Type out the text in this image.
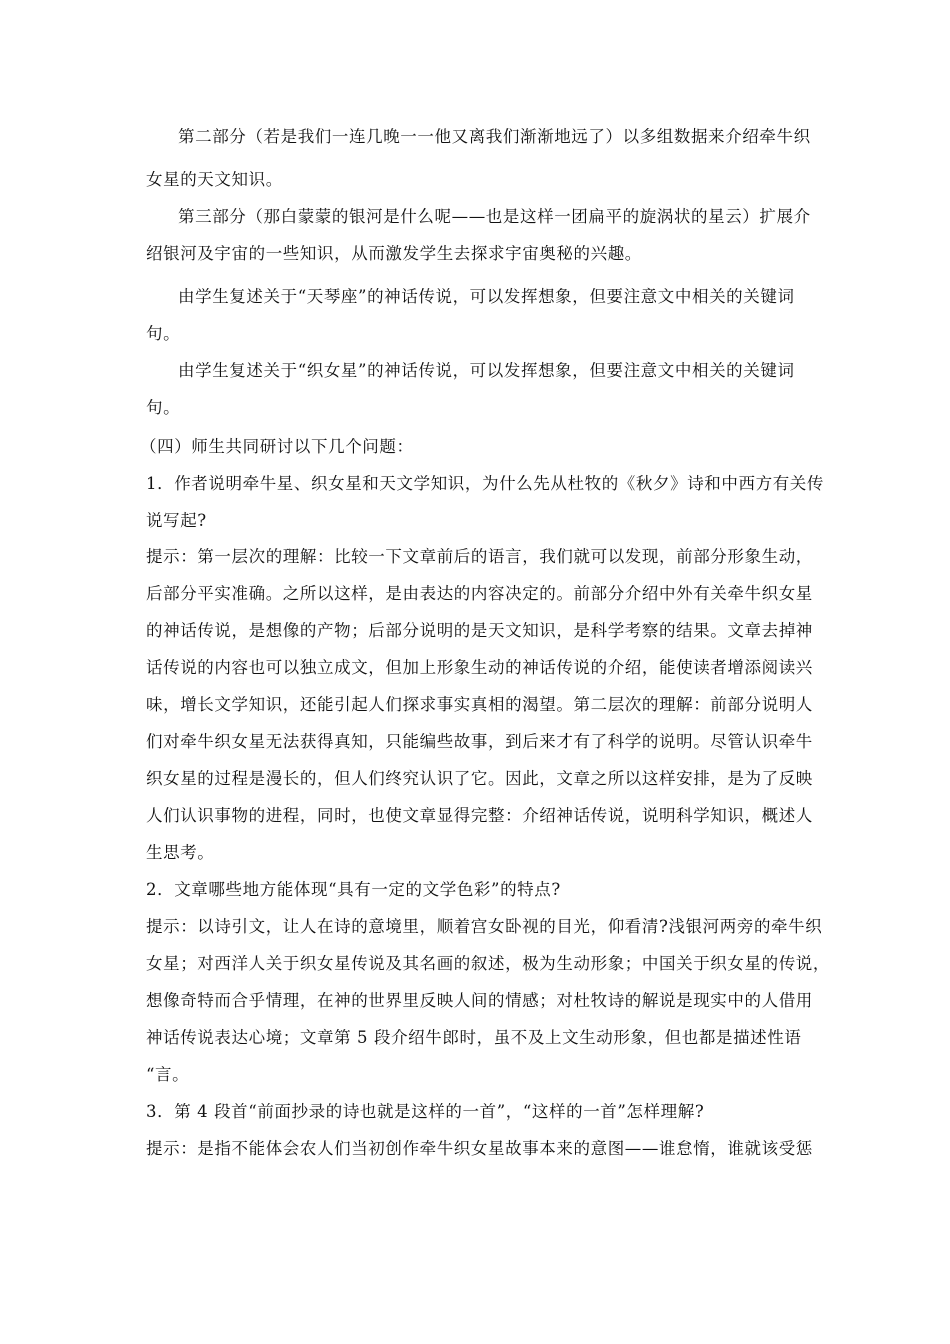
第二部分（若是我们一连几晚一一他又离我们渐渐地远了）以多组数据来介绍牵牛织
女星的天文知识。
第三部分（那白蒙蒙的银河是什么呢——也是这样一团扁平的旋涡状的星云）扩展介
绍银河及宇宙的一些知识，从而激发学生去探求宇宙奥秘的兴趣。
由学生复述关于“天琴座”的神话传说，可以发挥想象，但要注意文中相关的关键词
句。
由学生复述关于“织女星”的神话传说，可以发挥想象，但要注意文中相关的关键词
句。
（四）师生共同研讨以下几个问题：
1．作者说明牵牛星、织女星和天文学知识，为什么先从杜牧的《秋夕》诗和中西方有关传
说写起?
提示：第一层次的理解：比较一下文章前后的语言，我们就可以发现，前部分形象生动，
后部分平实准确。之所以这样，是由表达的内容决定的。前部分介绍中外有关牵牛织女星
的神话传说，是想像的产物；后部分说明的是天文知识，是科学考察的结果。文章去掉神
话传说的内容也可以独立成文，但加上形象生动的神话传说的介绍，能使读者增添阅读兴
味，增长文学知识，还能引起人们探求事实真相的渴望。第二层次的理解：前部分说明人
们对牵牛织女星无法获得真知，只能编些故事，到后来才有了科学的说明。尽管认识牵牛
织女星的过程是漫长的，但人们终究认识了它。因此，文章之所以这样安排，是为了反映
人们认识事物的进程，同时，也使文章显得完整：介绍神话传说，说明科学知识，概述人
生思考。
2．文章哪些地方能体现“具有一定的文学色彩”的特点?
提示：以诗引文，让人在诗的意境里，顺着宫女卧视的目光，仰看清?浅银河两旁的牵牛织
女星；对西洋人关于织女星传说及其名画的叙述，极为生动形象；中国关于织女星的传说，
想像奇特而合乎情理，在神的世界里反映人间的情感；对杜牧诗的解说是现实中的人借用
神话传说表达心境；文章第 5 段介绍牛郎时，虽不及上文生动形象，但也都是描述性语
“言。
3．第 4 段首“前面抄录的诗也就是这样的一首”，“这样的一首”怎样理解?
提示：是指不能体会农人们当初创作牵牛织女星故事本来的意图——谁怠惰，谁就该受惩
